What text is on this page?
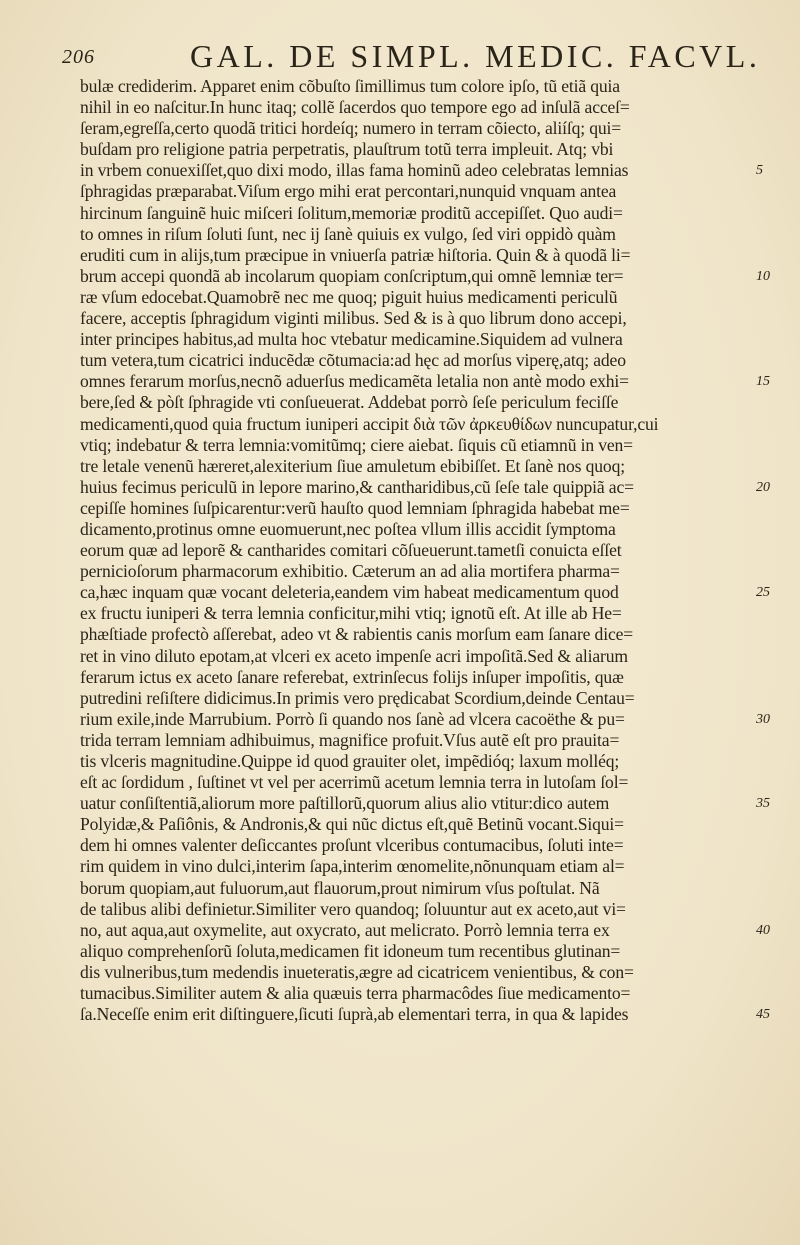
206	GAL. DE SIMPL. MEDIC. FACVL.
bulæ crediderim. Apparet enim cõbuſto ſimillimus tum colore ipſo, tũ etiã quia
nihil in eo naſcitur.In hunc itaq; collẽ ſacerdos quo tempore ego ad inſulã acceſ=
ſeram,egreſſa,certo quodã tritici hordeíq; numero in terram cõiecto, aliíſq; qui=
buſdam pro religione patria perpetratis, plauſtrum totũ terra impleuit. Atq; vbi
in vrbem conuexiſſet,quo dixi modo, illas fama hominũ adeo celebratas lemnias
ſphragidas præparabat.Viſum ergo mihi erat percontari,nunquid vnquam antea
hircinum ſanguinẽ huic miſceri ſolitum,memoriæ proditũ accepiſſet. Quo audi=
to omnes in riſum ſoluti ſunt, nec ij ſanè quiuis ex vulgo, ſed viri oppidò quàm
eruditi cum in aliјs,tum præcipue in vniuerſa patriæ hiſtoria. Quin & à quodã li=
brum accepi quondã ab incolarum quopiam conſcriptum,qui omnẽ lemniæ ter=
ræ vſum edocebat.Quamobrẽ nec me quoq; piguit huius medicamenti periculũ
facere, acceptis ſphragidum viginti milibus. Sed & is à quo librum dono accepi,
inter principes habitus,ad multa hoc vtebatur medicamine.Siquidem ad vulnera
tum vetera,tum cicatrici inducẽdæ cõtumacia:ad hęc ad morſus viperę,atq; adeo
omnes ferarum morſus,necnõ aduerſus medicamẽta letalia non antè modo exhi=
bere,ſed & pòſt ſphragide vti conſueuerat. Addebat porrò ſeſe periculum feciſſe
medicamenti,quod quia fructum iuniperi accipit διὰ τῶν ἀρκευθίδων nuncupatur,cui
vtiq; indebatur & terra lemnia:vomitũmq; ciere aiebat. ſiquis cũ etiamnũ in ven=
tre letale venenũ hæreret,alexiterium ſiue amuletum ebibiſſet. Et ſanè nos quoq;
huius fecimus periculũ in lepore marino,& cantharidibus,cũ ſeſe tale quippiã ac=
cepiſſe homines ſuſpicarentur:verũ hauſto quod lemniam ſphragida habebat me=
dicamento,protinus omne euomuerunt,nec poſtea vllum illis accidit ſymptoma
eorum quæ ad leporẽ & cantharides comitari cõſueuerunt.tametſi conuicta eſſet
pernicioſorum pharmacorum exhibitio. Cæterum an ad alia mortifera pharma=
ca,hæc inquam quæ vocant deleteria,eandem vim habeat medicamentum quod
ex fructu iuniperi & terra lemnia conficitur,mihi vtiq; ignotũ eſt. At ille ab He=
phæſtiade profectò aſſerebat, adeo vt & rabientis canis morſum eam ſanare dice=
ret in vino diluto epotam,at vlceri ex aceto impenſe acri impoſitã.Sed & aliarum
ferarum ictus ex aceto ſanare referebat, extrinſecus folijs inſuper impoſitis, quæ
putredini reſiſtere didicimus.In primis vero prędicabat Scordium,deinde Centau=
rium exile,inde Marrubium. Porrò ſi quando nos ſanè ad vlcera cacoëthe & pu=
trida terram lemniam adhibuimus, magnifice profuit.Vſus autẽ eſt pro prauita=
tis vlceris magnitudine.Quippe id quod grauiter olet, impẽdióq; laxum molléq;
eſt ac ſordidum , ſuſtinet vt vel per acerrimũ acetum lemnia terra in lutoſam ſol=
uatur conſiſtentiã,aliorum more paſtillorũ,quorum alius alio vtitur:dico autem
Polyidæ,& Paſiônis, & Andronis,& qui nũc dictus eſt,quẽ Betinũ vocant.Siqui=
dem hi omnes valenter deſiccantes proſunt vlceribus contumacibus, ſoluti inte=
rim quidem in vino dulci,interim ſapa,interim œnomelite,nõnunquam etiam al=
borum quopiam,aut fuluorum,aut flauorum,prout nimirum vſus poſtulat. Nã
de talibus alibi definietur.Similiter vero quandoq; ſoluuntur aut ex aceto,aut vi=
no, aut aqua,aut oxymelite, aut oxycrato, aut melicrato. Porrò lemnia terra ex
aliquo comprehenſorũ ſoluta,medicamen fit idoneum tum recentibus glutinan=
dis vulneribus,tum medendis inueteratis,ægre ad cicatricem venientibus, & con=
tumacibus.Similiter autem & alia quæuis terra pharmacôdes ſiue medicamento=
ſa.Neceſſe enim erit diſtinguere,ſicuti ſuprà,ab elementari terra, in qua & lapides
5
10
15
20
25
30
35
40
45
